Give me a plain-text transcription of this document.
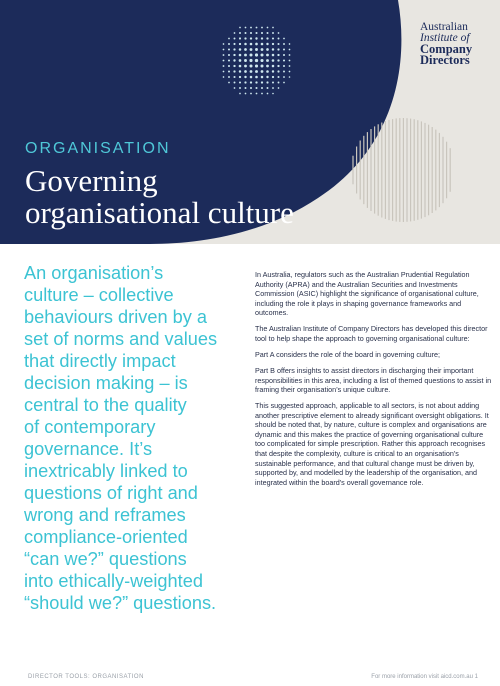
Australian
Institute of
Company
Directors
ORGANISATION
Governing
organisational culture
An organisation’s
culture – collective
behaviours driven by a
set of norms and values
that directly impact
decision making – is
central to the quality
of contemporary
governance. It’s
inextricably linked to
questions of right and
wrong and reframes
compliance-oriented
“can we?” questions
into ethically-weighted
“should we?” questions.

In Australia, regulators such as the Australian Prudential Regulation Authority (APRA) and the Australian Securities and Investments Commission (ASIC) highlight the significance of organisational culture, including the role it plays in shaping governance frameworks and outcomes.

The Australian Institute of Company Directors has developed this director tool to help shape the approach to governing organisational culture:

Part A considers the role of the board in governing culture;

Part B offers insights to assist directors in discharging their important responsibilities in this area, including a list of themed questions to assist in framing their organisation’s unique culture.

This suggested approach, applicable to all sectors, is not about adding another prescriptive element to already significant oversight obligations. It should be noted that, by nature, culture is complex and organisations are dynamic and this makes the practice of governing organisational culture too complicated for simple prescription. Rather this approach recognises that despite the complexity, culture is critical to an organisation’s sustainable performance, and that cultural change must be driven by, supported by, and modelled by the leadership of the organisation, and integrated within the board’s overall governance role.

DIRECTOR TOOLS: ORGANISATION	For more information visit aicd.com.au 1
